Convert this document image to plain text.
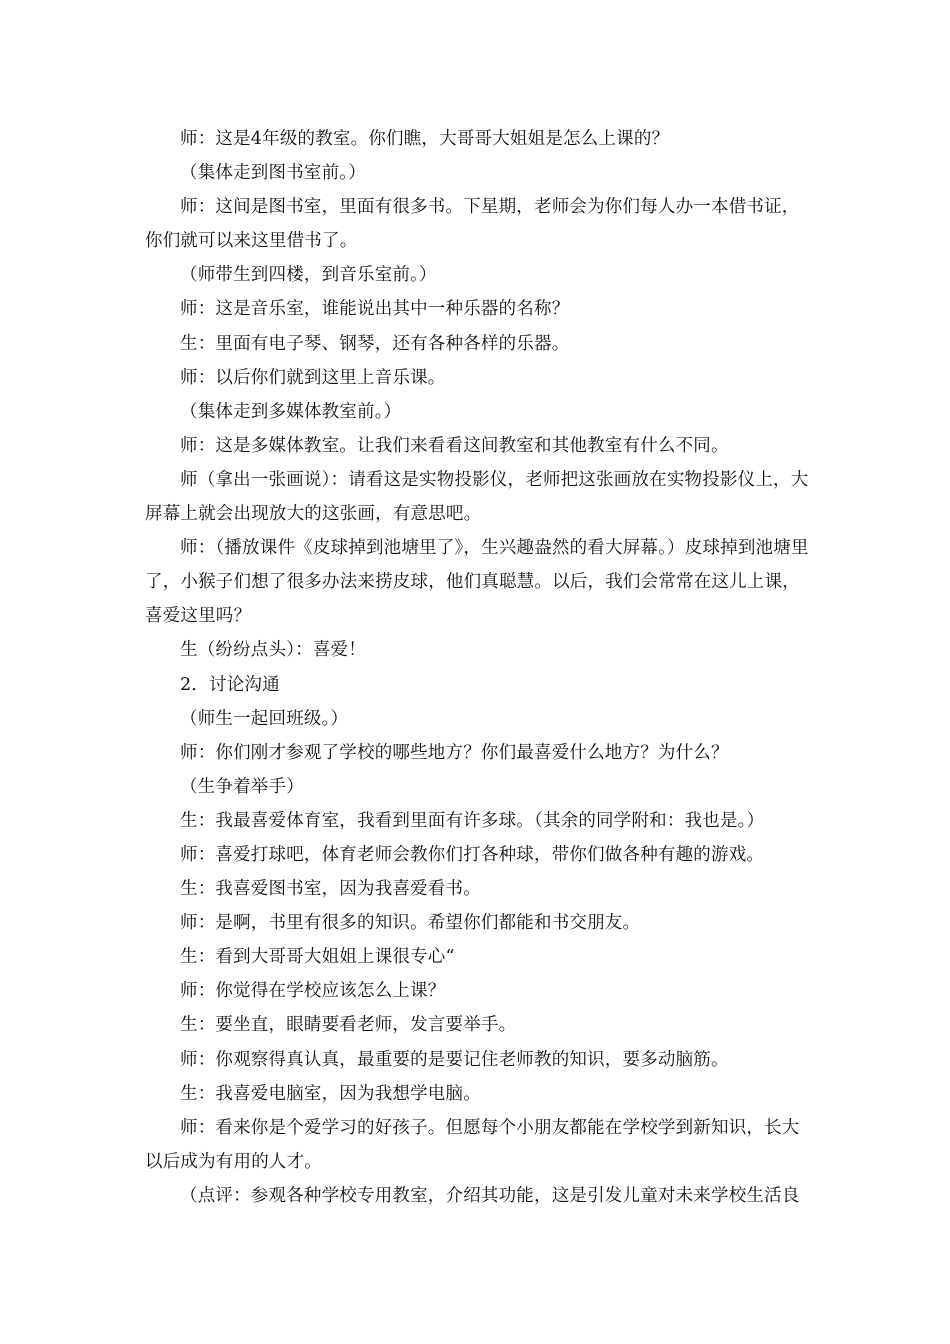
师：这是4年级的教室。你们瞧，大哥哥大姐姐是怎么上课的？

（集体走到图书室前。）

师：这间是图书室，里面有很多书。下星期，老师会为你们每人办一本借书证，你们就可以来这里借书了。

（师带生到四楼，到音乐室前。）

师：这是音乐室，谁能说出其中一种乐器的名称？

生：里面有电子琴、钢琴，还有各种各样的乐器。

师：以后你们就到这里上音乐课。

（集体走到多媒体教室前。）

师：这是多媒体教室。让我们来看看这间教室和其他教室有什么不同。

师（拿出一张画说）：请看这是实物投影仪，老师把这张画放在实物投影仪上，大屏幕上就会出现放大的这张画，有意思吧。

师：（播放课件《皮球掉到池塘里了》，生兴趣盎然的看大屏幕。）皮球掉到池塘里了，小猴子们想了很多办法来捞皮球，他们真聪慧。以后，我们会常常在这儿上课，喜爱这里吗？

生（纷纷点头）：喜爱！

2．讨论沟通

（师生一起回班级。）

师：你们刚才参观了学校的哪些地方？你们最喜爱什么地方？为什么？

（生争着举手）

生：我最喜爱体育室，我看到里面有许多球。（其余的同学附和：我也是。）

师：喜爱打球吧，体育老师会教你们打各种球，带你们做各种有趣的游戏。

生：我喜爱图书室，因为我喜爱看书。

师：是啊，书里有很多的知识。希望你们都能和书交朋友。

生：看到大哥哥大姐姐上课很专心“

师：你觉得在学校应该怎么上课？

生：要坐直，眼睛要看老师，发言要举手。

师：你观察得真认真，最重要的是要记住老师教的知识，要多动脑筋。

生：我喜爱电脑室，因为我想学电脑。

师：看来你是个爱学习的好孩子。但愿每个小朋友都能在学校学到新知识，长大以后成为有用的人才。

（点评：参观各种学校专用教室，介绍其功能，这是引发儿童对未来学校生活良
